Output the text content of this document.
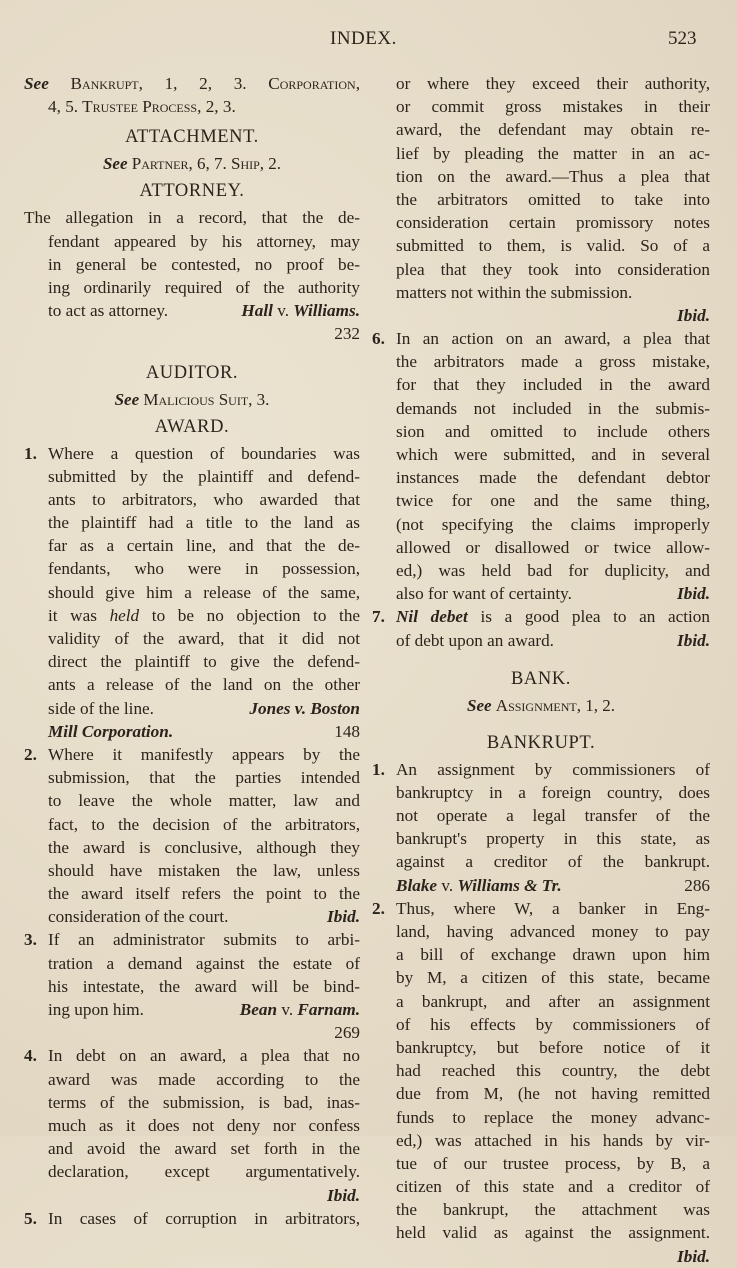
INDEX.	523
See Bankrupt, 1, 2, 3. Corporation,
4, 5. Trustee Process, 2, 3.
ATTACHMENT.
See Partner, 6, 7. Ship, 2.
ATTORNEY.
The allegation in a record, that the de-
fendant appeared by his attorney, may
in general be contested, no proof be-
ing ordinarily required of the authority
to act as attorney.	Hall v. Williams.
232
AUDITOR.
See Malicious Suit, 3.
AWARD.
1. Where a question of boundaries was
submitted by the plaintiff and defend-
ants to arbitrators, who awarded that
the plaintiff had a title to the land as
far as a certain line, and that the de-
fendants, who were in possession,
should give him a release of the same,
it was held to be no objection to the
validity of the award, that it did not
direct the plaintiff to give the defend-
ants a release of the land on the other
side of the line.	Jones v. Boston
Mill Corporation.	148
2. Where it manifestly appears by the
submission, that the parties intended
to leave the whole matter, law and
fact, to the decision of the arbitrators,
the award is conclusive, although they
should have mistaken the law, unless
the award itself refers the point to the
consideration of the court.	Ibid.
3. If an administrator submits to arbi-
tration a demand against the estate of
his intestate, the award will be bind-
ing upon him.	Bean v. Farnam.
269
4. In debt on an award, a plea that no
award was made according to the
terms of the submission, is bad, inas-
much as it does not deny nor confess
and avoid the award set forth in the
declaration, except argumentatively.
Ibid.
5. In cases of corruption in arbitrators,
or where they exceed their authority,
or commit gross mistakes in their
award, the defendant may obtain re-
lief by pleading the matter in an ac-
tion on the award.—Thus a plea that
the arbitrators omitted to take into
consideration certain promissory notes
submitted to them, is valid. So of a
plea that they took into consideration
matters not within the submission.
Ibid.
6. In an action on an award, a plea that
the arbitrators made a gross mistake,
for that they included in the award
demands not included in the submis-
sion and omitted to include others
which were submitted, and in several
instances made the defendant debtor
twice for one and the same thing,
(not specifying the claims improperly
allowed or disallowed or twice allow-
ed,) was held bad for duplicity, and
also for want of certainty.	Ibid.
7. Nil debet is a good plea to an action
of debt upon an award.	Ibid.
BANK.
See Assignment, 1, 2.
BANKRUPT.
1. An assignment by commissioners of
bankruptcy in a foreign country, does
not operate a legal transfer of the
bankrupt's property in this state, as
against a creditor of the bankrupt.
Blake v. Williams & Tr.	286
2. Thus, where W, a banker in Eng-
land, having advanced money to pay
a bill of exchange drawn upon him
by M, a citizen of this state, became
a bankrupt, and after an assignment
of his effects by commissioners of
bankruptcy, but before notice of it
had reached this country, the debt
due from M, (he not having remitted
funds to replace the money advanc-
ed,) was attached in his hands by vir-
tue of our trustee process, by B, a
citizen of this state and a creditor of
the bankrupt, the attachment was
held valid as against the assignment.
Ibid.
